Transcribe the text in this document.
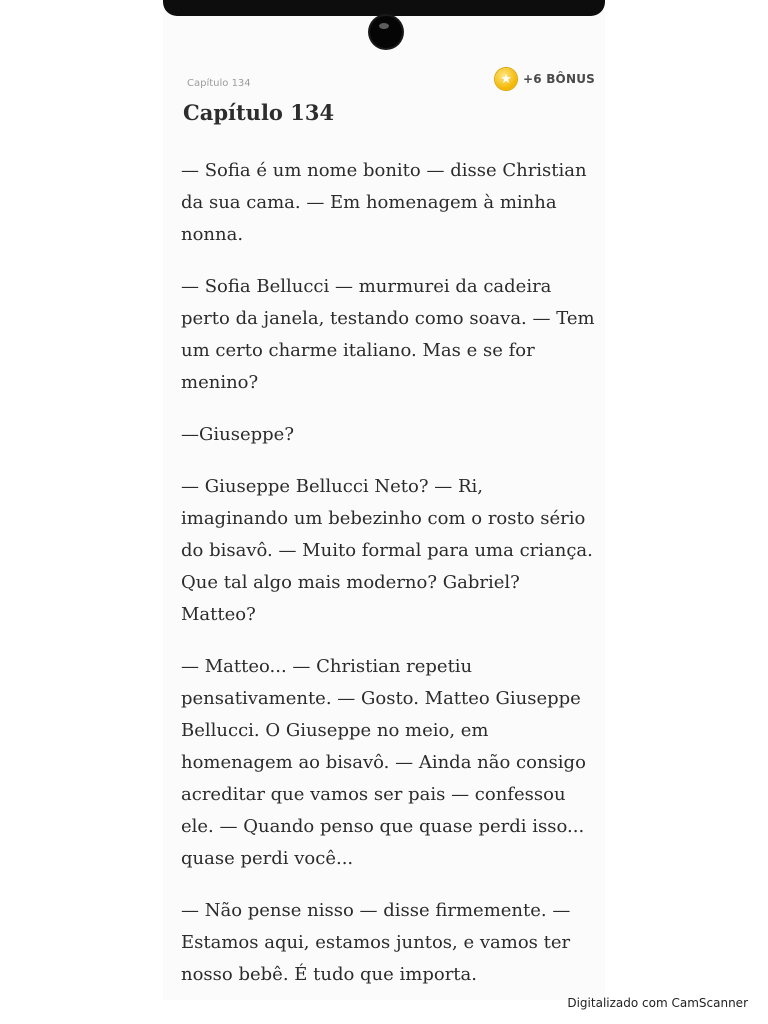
Capítulo 134	★ +6 BÔNUS
Capítulo 134

— Sofia é um nome bonito — disse Christian da sua cama. — Em homenagem à minha nonna.

— Sofia Bellucci — murmurei da cadeira perto da janela, testando como soava. — Tem um certo charme italiano. Mas e se for menino?

—Giuseppe?

— Giuseppe Bellucci Neto? — Ri, imaginando um bebezinho com o rosto sério do bisavô. — Muito formal para uma criança. Que tal algo mais moderno? Gabriel? Matteo?

— Matteo... — Christian repetiu pensativamente. — Gosto. Matteo Giuseppe Bellucci. O Giuseppe no meio, em homenagem ao bisavô. — Ainda não consigo acreditar que vamos ser pais — confessou ele. — Quando penso que quase perdi isso... quase perdi você...

— Não pense nisso — disse firmemente. — Estamos aqui, estamos juntos, e vamos ter nosso bebê. É tudo que importa.

Digitalizado com CamScanner
